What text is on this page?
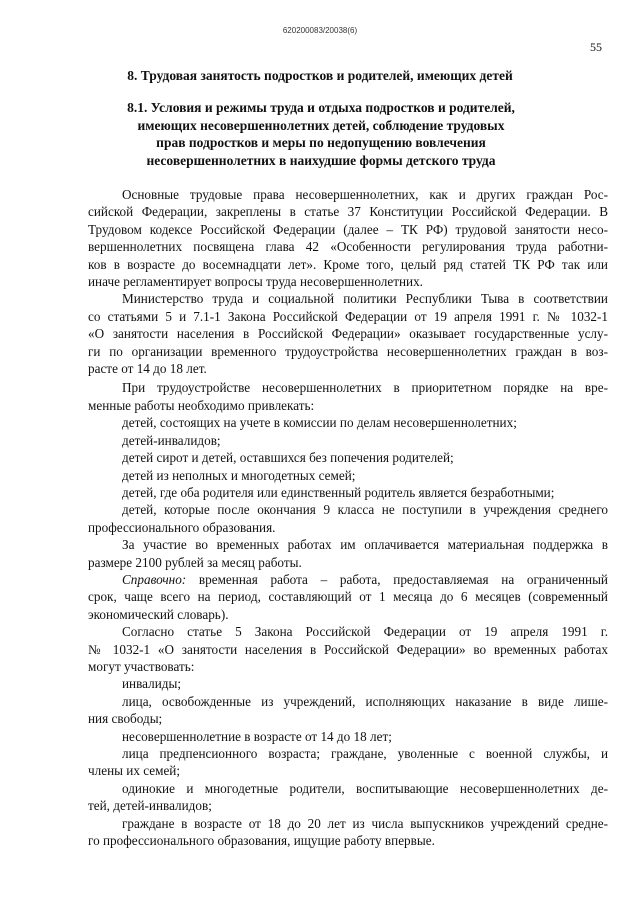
620200083/20038(6)
55
8. Трудовая занятость подростков и родителей, имеющих детей
8.1. Условия и режимы труда и отдыха подростков и родителей,
имеющих несовершеннолетних детей, соблюдение трудовых
прав подростков и меры по недопущению вовлечения
несовершеннолетних в наихудшие формы детского труда
Основные трудовые права несовершеннолетних, как и других граждан Рос-
сийской Федерации, закреплены в статье 37 Конституции Российской Федерации. В
Трудовом кодексе Российской Федерации (далее – ТК РФ) трудовой занятости несо-
вершеннолетних посвящена глава 42 «Особенности регулирования труда работни-
ков в возрасте до восемнадцати лет». Кроме того, целый ряд статей ТК РФ так или
иначе регламентирует вопросы труда несовершеннолетних.
Министерство труда и социальной политики Республики Тыва в соответствии
со статьями 5 и 7.1-1 Закона Российской Федерации от 19 апреля 1991 г. № 1032-1
«О занятости населения в Российской Федерации» оказывает государственные услу-
ги по организации временного трудоустройства несовершеннолетних граждан в воз-
расте от 14 до 18 лет.
При трудоустройстве несовершеннолетних в приоритетном порядке на вре-
менные работы необходимо привлекать:
детей, состоящих на учете в комиссии по делам несовершеннолетних;
детей-инвалидов;
детей сирот и детей, оставшихся без попечения родителей;
детей из неполных и многодетных семей;
детей, где оба родителя или единственный родитель является безработными;
детей, которые после окончания 9 класса не поступили в учреждения среднего
профессионального образования.
За участие во временных работах им оплачивается материальная поддержка в
размере 2100 рублей за месяц работы.
Справочно: временная работа – работа, предоставляемая на ограниченный
срок, чаще всего на период, составляющий от 1 месяца до 6 месяцев (современный
экономический словарь).
Согласно статье 5 Закона Российской Федерации от 19 апреля 1991 г.
№ 1032-1 «О занятости населения в Российской Федерации» во временных работах
могут участвовать:
инвалиды;
лица, освобожденные из учреждений, исполняющих наказание в виде лише-
ния свободы;
несовершеннолетние в возрасте от 14 до 18 лет;
лица предпенсионного возраста; граждане, уволенные с военной службы, и
члены их семей;
одинокие и многодетные родители, воспитывающие несовершеннолетних де-
тей, детей-инвалидов;
граждане в возрасте от 18 до 20 лет из числа выпускников учреждений средне-
го профессионального образования, ищущие работу впервые.
